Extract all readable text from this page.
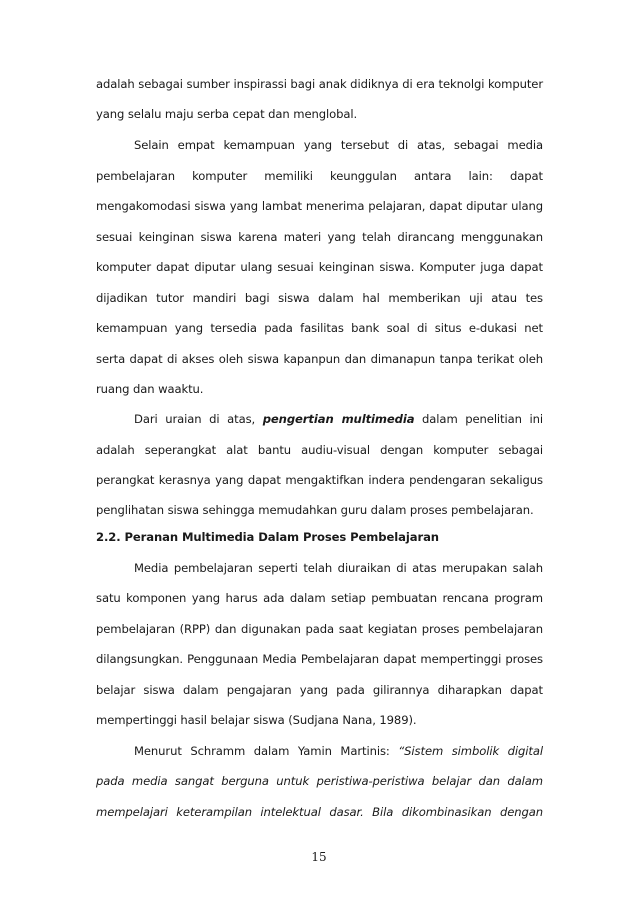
adalah sebagai sumber inspirassi bagi anak didiknya di era teknolgi komputer
yang selalu maju serba cepat dan menglobal.
Selain empat kemampuan yang tersebut di atas, sebagai media
pembelajaran komputer memiliki keunggulan antara lain: dapat
mengakomodasi siswa yang lambat menerima pelajaran, dapat diputar ulang
sesuai keinginan siswa karena materi yang telah dirancang menggunakan
komputer dapat diputar ulang sesuai keinginan siswa. Komputer juga dapat
dijadikan tutor mandiri bagi siswa dalam hal memberikan uji atau tes
kemampuan yang tersedia pada fasilitas bank soal di situs e-dukasi net
serta dapat di akses oleh siswa kapanpun dan dimanapun tanpa terikat oleh
ruang dan waaktu.
Dari uraian di atas, pengertian multimedia dalam penelitian ini
adalah seperangkat alat bantu audiu-visual dengan komputer sebagai
perangkat kerasnya yang dapat mengaktifkan indera pendengaran sekaligus
penglihatan siswa sehingga memudahkan guru dalam proses pembelajaran.
2.2. Peranan Multimedia Dalam Proses Pembelajaran
Media pembelajaran seperti telah diuraikan di atas merupakan salah
satu komponen yang harus ada dalam setiap pembuatan rencana program
pembelajaran (RPP) dan digunakan pada saat kegiatan proses pembelajaran
dilangsungkan. Penggunaan Media Pembelajaran dapat mempertinggi proses
belajar siswa dalam pengajaran yang pada gilirannya diharapkan dapat
mempertinggi hasil belajar siswa (Sudjana Nana, 1989).
Menurut Schramm dalam Yamin Martinis: “Sistem simbolik digital
pada media sangat berguna untuk peristiwa-peristiwa belajar dan dalam
mempelajari keterampilan intelektual dasar. Bila dikombinasikan dengan
15
